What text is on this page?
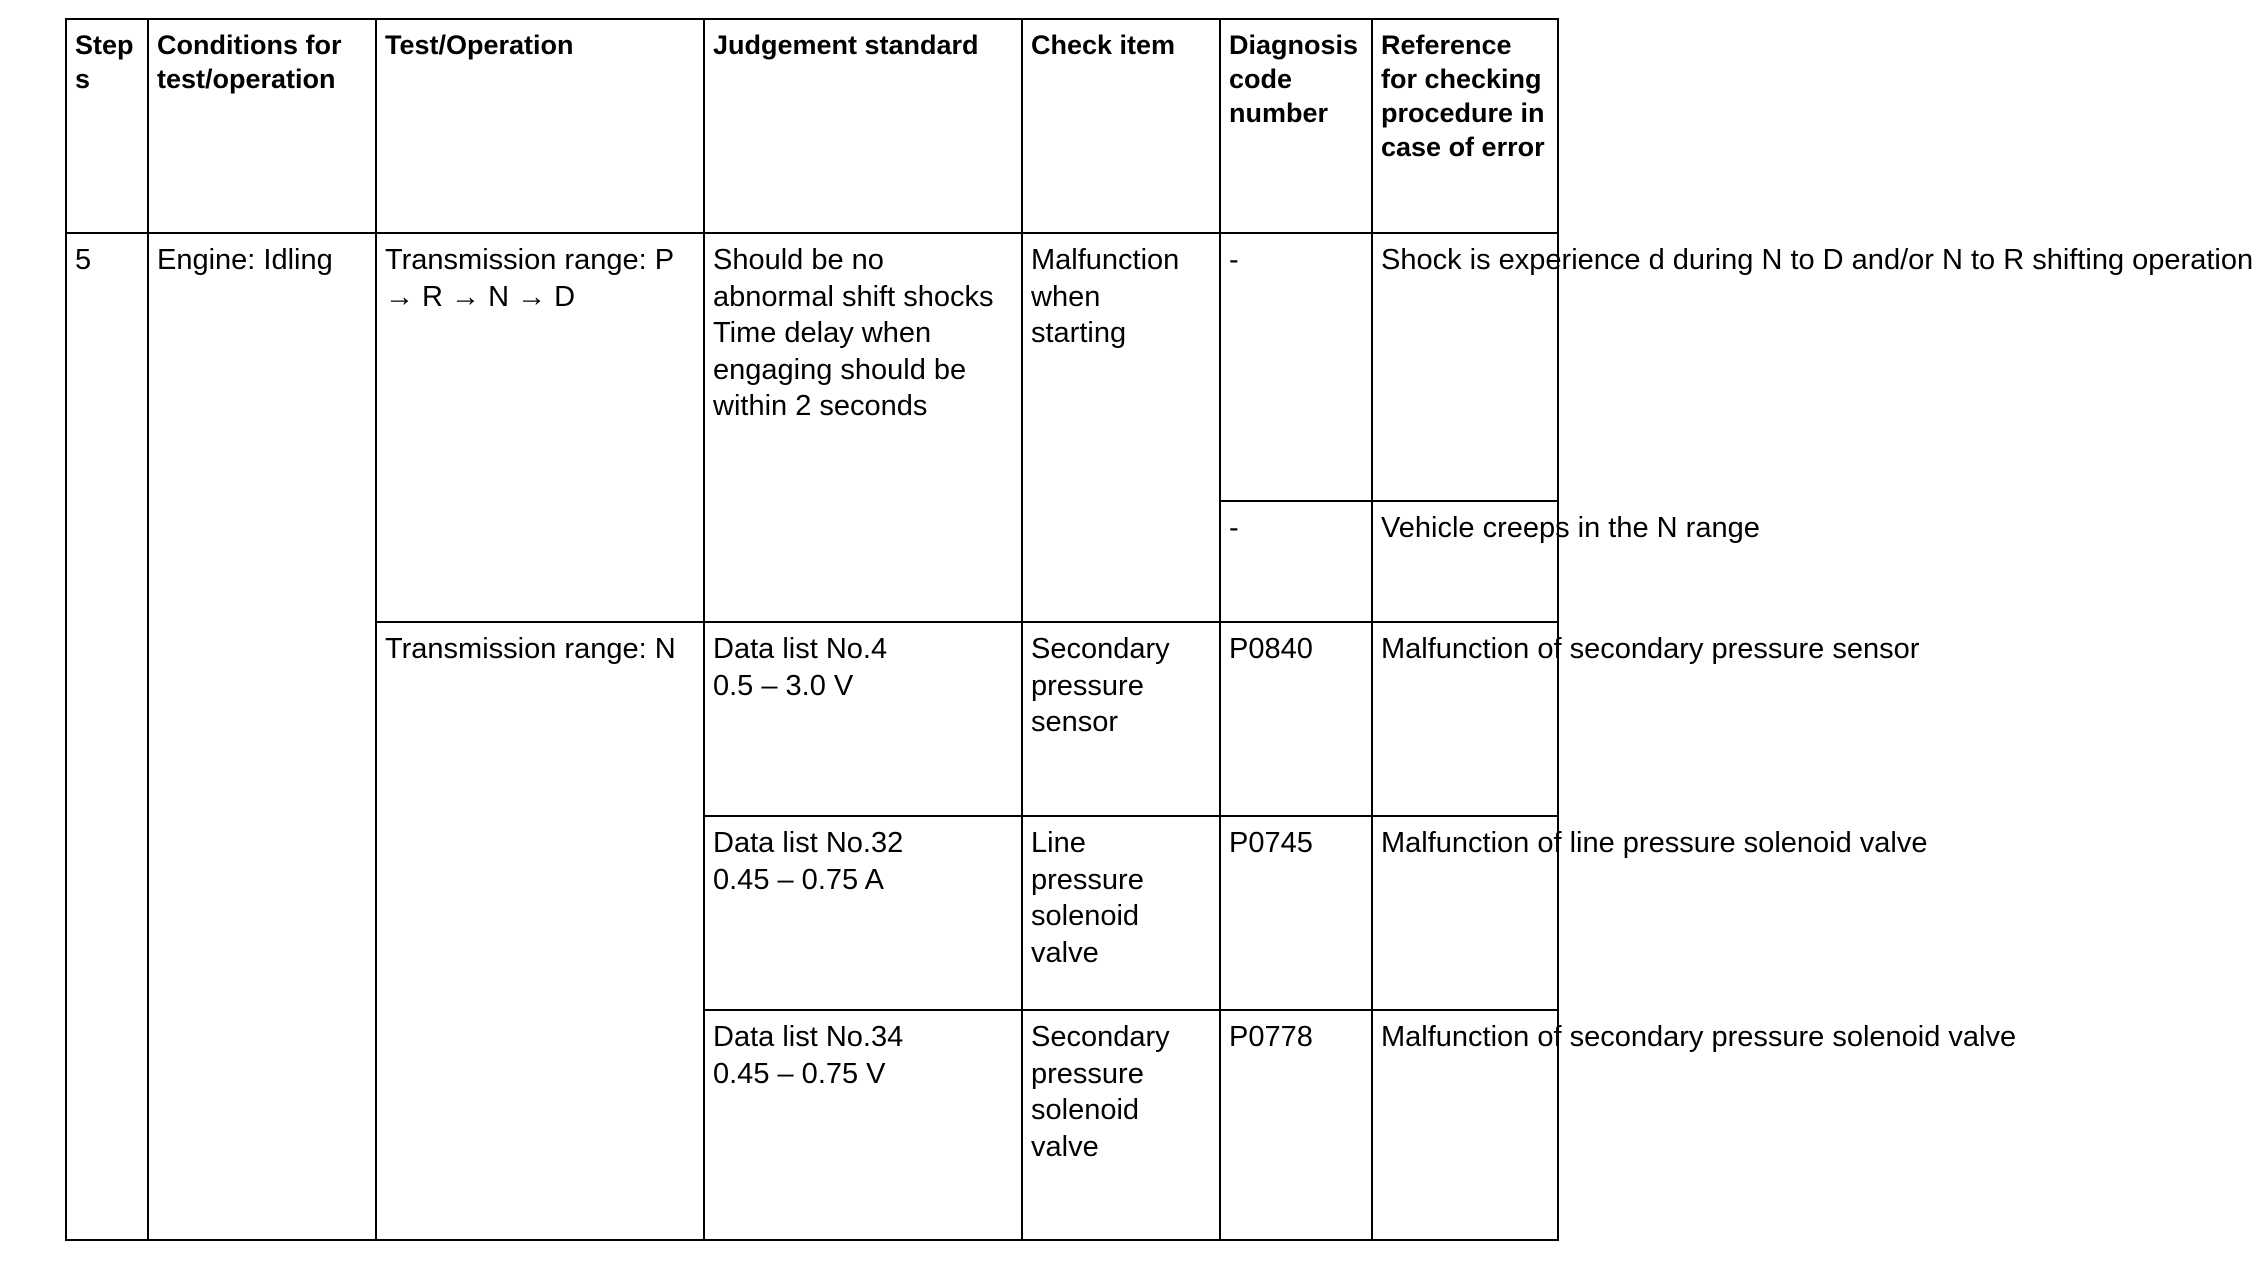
Step
s	Conditions for test/operation	Test/Operation	Judgement standard	Check item	Diagnosis code number	Reference for checking procedure in case of error
5	Engine: Idling	Transmission range: P
→ R → N → D	Should be no
abnormal shift shocks
Time delay when
engaging should be
within 2 seconds	Malfunction
when
starting	-	Shock is experience d during N to D and/or N to R shifting operation
					-	Vehicle creeps in the N range
		Transmission range: N	Data list No.4
0.5 – 3.0 V	Secondary
pressure
sensor	P0840	Malfunction of secondary pressure sensor
			Data list No.32
0.45 – 0.75 A	Line
pressure
solenoid
valve	P0745	Malfunction of line pressure solenoid valve
			Data list No.34
0.45 – 0.75 V	Secondary
pressure
solenoid
valve	P0778	Malfunction of secondary pressure solenoid valve
